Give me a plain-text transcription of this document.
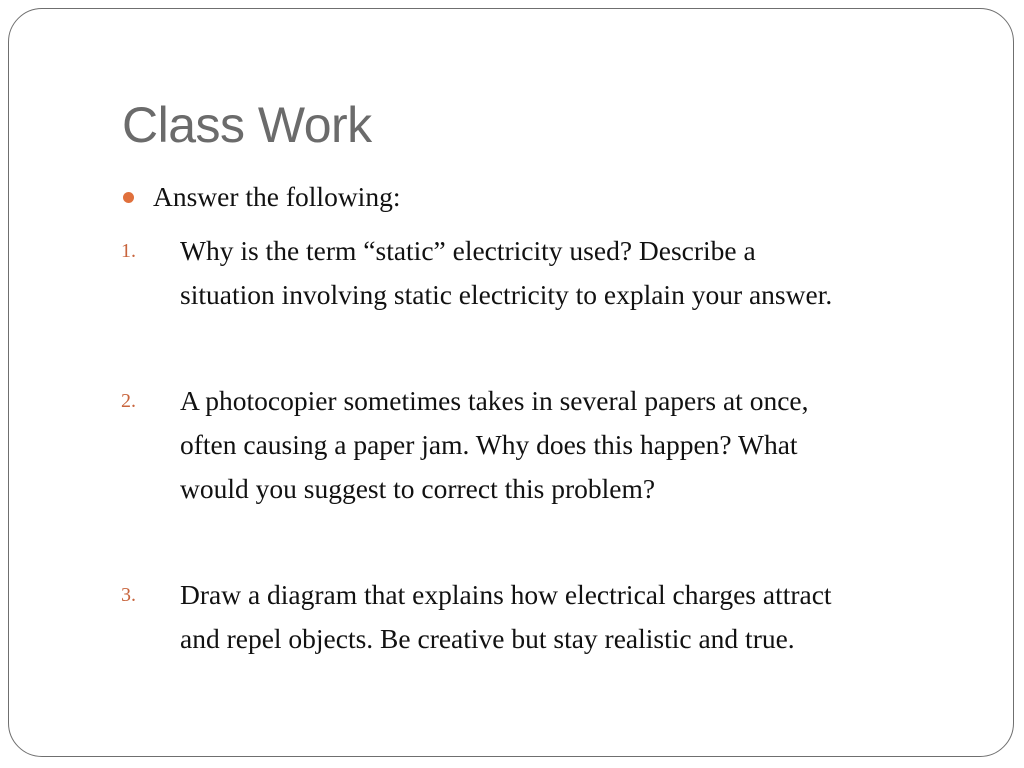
Class Work
Answer the following:
1. Why is the term “static” electricity used? Describe a
situation involving static electricity to explain your answer.
2. A photocopier sometimes takes in several papers at once,
often causing a paper jam. Why does this happen? What
would you suggest to correct this problem?
3. Draw a diagram that explains how electrical charges attract
and repel objects. Be creative but stay realistic and true.
